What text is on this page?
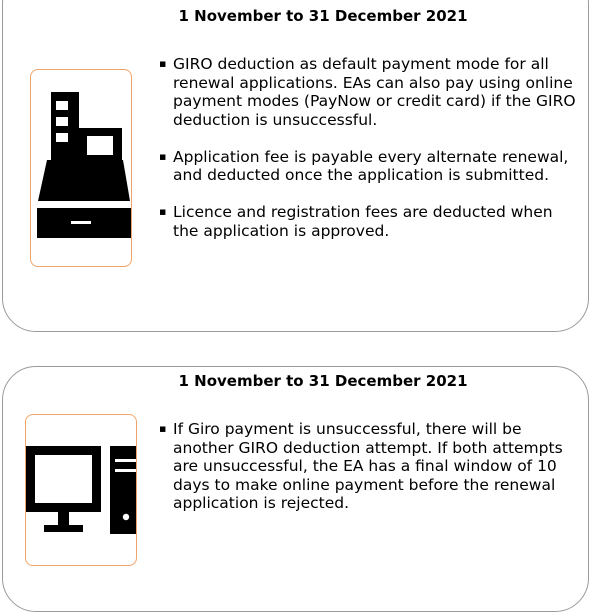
1 November to 31 December 2021
▪ GIRO deduction as default payment mode for all renewal applications. EAs can also pay using online payment modes (PayNow or credit card) if the GIRO deduction is unsuccessful.
▪ Application fee is payable every alternate renewal, and deducted once the application is submitted.
▪ Licence and registration fees are deducted when the application is approved.
1 November to 31 December 2021
▪ If Giro payment is unsuccessful, there will be another GIRO deduction attempt. If both attempts are unsuccessful, the EA has a final window of 10 days to make online payment before the renewal application is rejected.
